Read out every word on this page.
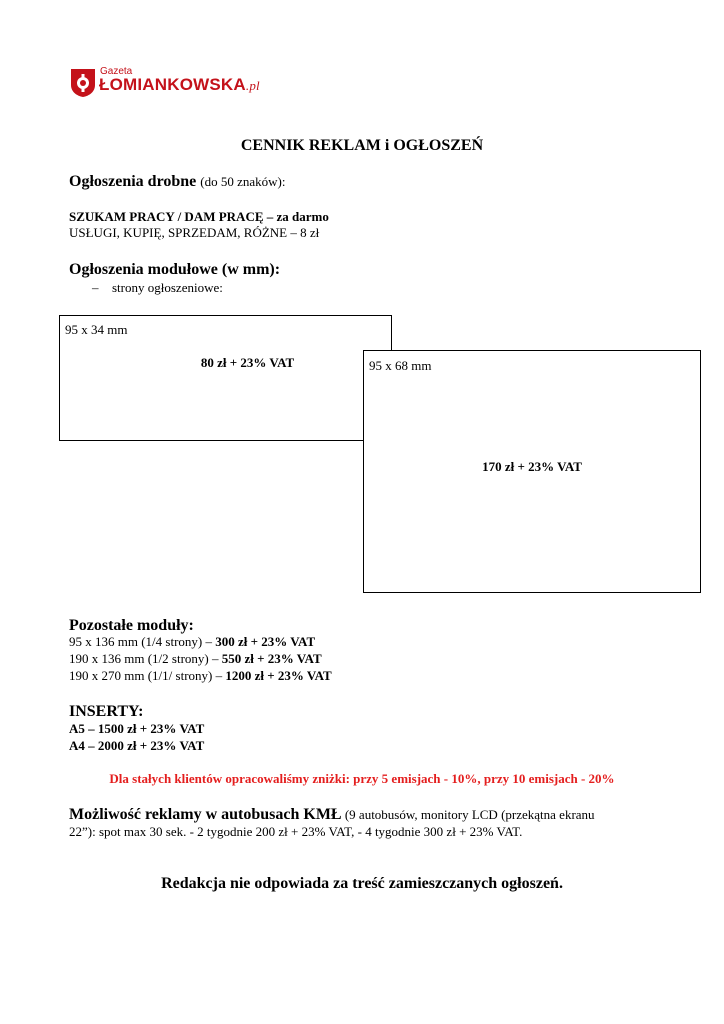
Gazeta
ŁOMIANKOWSKA.pl
CENNIK REKLAM i OGŁOSZEŃ
Ogłoszenia drobne (do 50 znaków):
SZUKAM PRACY / DAM PRACĘ – za darmo
USŁUGI, KUPIĘ, SPRZEDAM, RÓŻNE – 8 zł
Ogłoszenia modułowe (w mm):
– strony ogłoszeniowe:
95 x 34 mm
80 zł + 23% VAT	95 x 68 mm
170 zł + 23% VAT
Pozostałe moduły:
95 x 136 mm (1/4 strony) – 300 zł + 23% VAT
190 x 136 mm (1/2 strony) – 550 zł + 23% VAT
190 x 270 mm (1/1/ strony) – 1200 zł + 23% VAT
INSERTY:
A5 – 1500 zł + 23% VAT
A4 – 2000 zł + 23% VAT
Dla stałych klientów opracowaliśmy zniżki: przy 5 emisjach - 10%, przy 10 emisjach - 20%
Możliwość reklamy w autobusach KMŁ (9 autobusów, monitory LCD (przekątna ekranu
22”): spot max 30 sek. - 2 tygodnie 200 zł + 23% VAT, - 4 tygodnie 300 zł + 23% VAT.
Redakcja nie odpowiada za treść zamieszczanych ogłoszeń.
